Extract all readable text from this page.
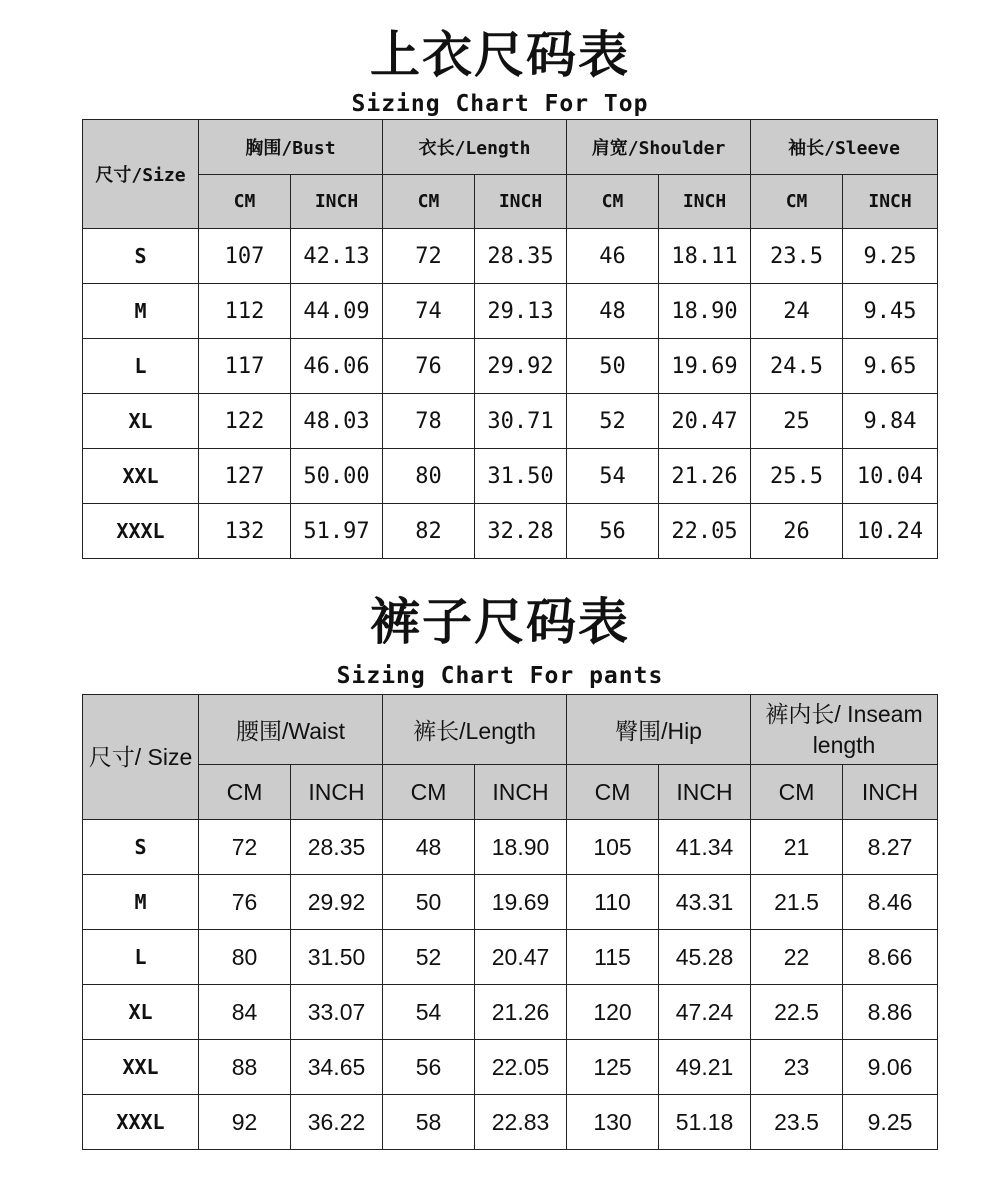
上衣尺码表
Sizing Chart For Top
尺寸/Size	胸围/Bust		衣长/Length		肩宽/Shoulder		袖长/Sleeve	
	CM	INCH	CM	INCH	CM	INCH	CM	INCH
S	107	42.13	72	28.35	46	18.11	23.5	9.25
M	112	44.09	74	29.13	48	18.90	24	9.45
L	117	46.06	76	29.92	50	19.69	24.5	9.65
XL	122	48.03	78	30.71	52	20.47	25	9.84
XXL	127	50.00	80	31.50	54	21.26	25.5	10.04
XXXL	132	51.97	82	32.28	56	22.05	26	10.24
裤子尺码表
Sizing Chart For pants
尺寸/ Size	腰围/Waist		裤长/Length		臀围/Hip		裤内长/ Inseam length	
	CM	INCH	CM	INCH	CM	INCH	CM	INCH
S	72	28.35	48	18.90	105	41.34	21	8.27
M	76	29.92	50	19.69	110	43.31	21.5	8.46
L	80	31.50	52	20.47	115	45.28	22	8.66
XL	84	33.07	54	21.26	120	47.24	22.5	8.86
XXL	88	34.65	56	22.05	125	49.21	23	9.06
XXXL	92	36.22	58	22.83	130	51.18	23.5	9.25
